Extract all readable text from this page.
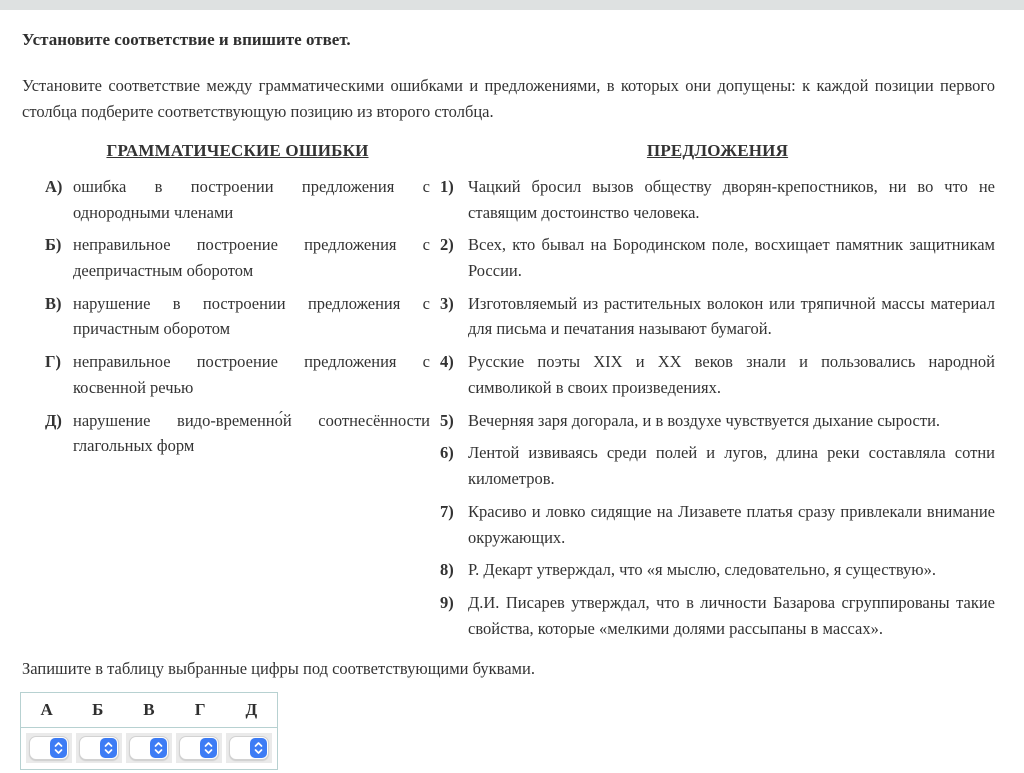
Установите соответствие и впишите ответ.

Установите соответствие между грамматическими ошибками и предложениями, в которых они допущены: к каждой позиции первого столбца подберите соответствующую позицию из второго столбца.

ГРАММАТИЧЕСКИЕ ОШИБКИ
А) ошибка в построении предложения с однородными членами
Б) неправильное построение предложения с деепричастным оборотом
В) нарушение в построении предложения с причастным оборотом
Г) неправильное построение предложения с косвенной речью
Д) нарушение видо-временно́й соотнесённости глагольных форм
ПРЕДЛОЖЕНИЯ
1) Чацкий бросил вызов обществу дворян-крепостников, ни во что не ставящим достоинство человека.
2) Всех, кто бывал на Бородинском поле, восхищает памятник защитникам России.
3) Изготовляемый из растительных волокон или тряпичной массы материал для письма и печатания называют бумагой.
4) Русские поэты XIX и XX веков знали и пользовались народной символикой в своих произведениях.
5) Вечерняя заря догорала, и в воздухе чувствуется дыхание сырости.
6) Лентой извиваясь среди полей и лугов, длина реки составляла сотни километров.
7) Красиво и ловко сидящие на Лизавете платья сразу привлекали внимание окружающих.
8) Р. Декарт утверждал, что «я мыслю, следовательно, я существую».
9) Д.И. Писарев утверждал, что в личности Базарова сгруппированы такие свойства, которые «мелкими долями рассыпаны в массах».

Запишите в таблицу выбранные цифры под соответствующими буквами.

А	Б	В	Г	Д
